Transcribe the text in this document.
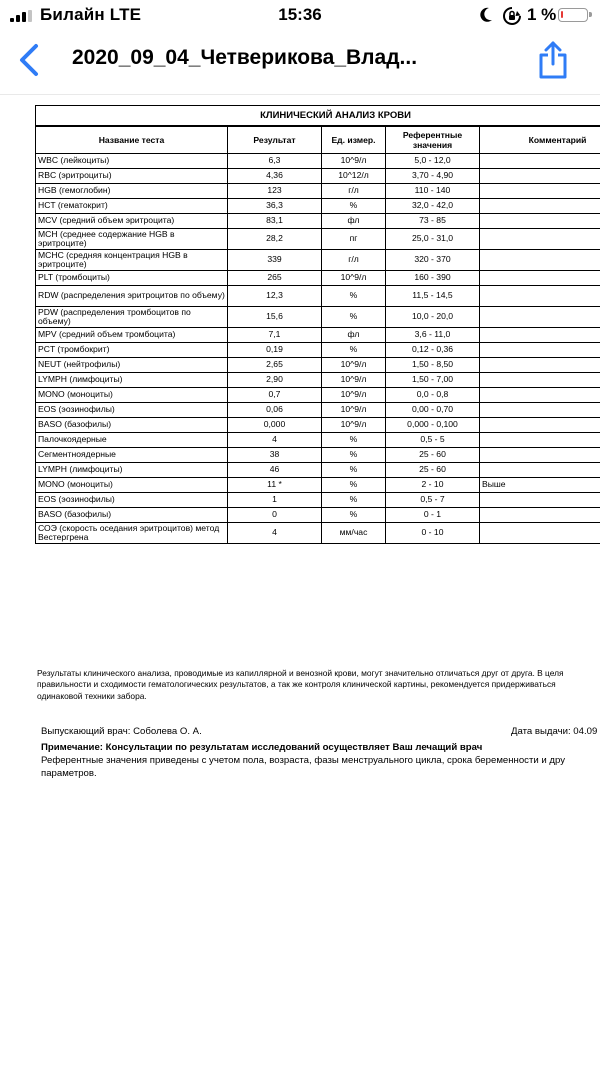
Билайн LTE	15:36	1 %
2020_09_04_Четверикова_Влад...
КЛИНИЧЕСКИЙ АНАЛИЗ КРОВИ				
Название теста	Результат	Ед. измер.	Референтные значения	Комментарий
WBC (лейкоциты)	6,3	10^9/л	5,0 - 12,0	
RBC (эритроциты)	4,36	10^12/л	3,70 - 4,90	
HGB (гемоглобин)	123	г/л	110 - 140	
HCT (гематокрит)	36,3	%	32,0 - 42,0	
MCV (средний объем эритроцита)	83,1	фл	73 - 85	
MCH (среднее содержание HGB в эритроците)	28,2	пг	25,0 - 31,0	
MCHC (средняя концентрация HGB в эритроците)	339	г/л	320 - 370	
PLT (тромбоциты)	265	10^9/л	160 - 390	
RDW (распределения эритроцитов по объему)	12,3	%	11,5 - 14,5	
PDW (распределения тромбоцитов по объему)	15,6	%	10,0 - 20,0	
MPV (средний объем тромбоцита)	7,1	фл	3,6 - 11,0	
PCT (тромбокрит)	0,19	%	0,12 - 0,36	
NEUT (нейтрофилы)	2,65	10^9/л	1,50 - 8,50	
LYMPH (лимфоциты)	2,90	10^9/л	1,50 - 7,00	
MONO (моноциты)	0,7	10^9/л	0,0 - 0,8	
EOS (эозинофилы)	0,06	10^9/л	0,00 - 0,70	
BASO (базофилы)	0,000	10^9/л	0,000 - 0,100	
Палочкоядерные	4	%	0,5 - 5	
Сегментноядерные	38	%	25 - 60	
LYMPH (лимфоциты)	46	%	25 - 60	
MONO (моноциты)	11 *	%	2 - 10	Выше
EOS (эозинофилы)	1	%	0,5 - 7	
BASO (базофилы)	0	%	0 - 1	
СОЭ (скорость оседания эритроцитов) метод Вестергрена	4	мм/час	0 - 10	
Результаты клинического анализа, проводимые из капиллярной и венозной крови, могут значительно отличаться друг от друга. В целя
правильности и сходимости гематологических результатов, а так же контроля клинической картины, рекомендуется придерживаться
одинаковой техники забора.
Выпускающий врач: Соболева О. А.	Дата выдачи: 04.09
Примечание: Консультации по результатам исследований осуществляет Ваш лечащий врач
Референтные значения приведены с учетом пола, возраста, фазы менструального цикла, срока беременности и дру
параметров.
